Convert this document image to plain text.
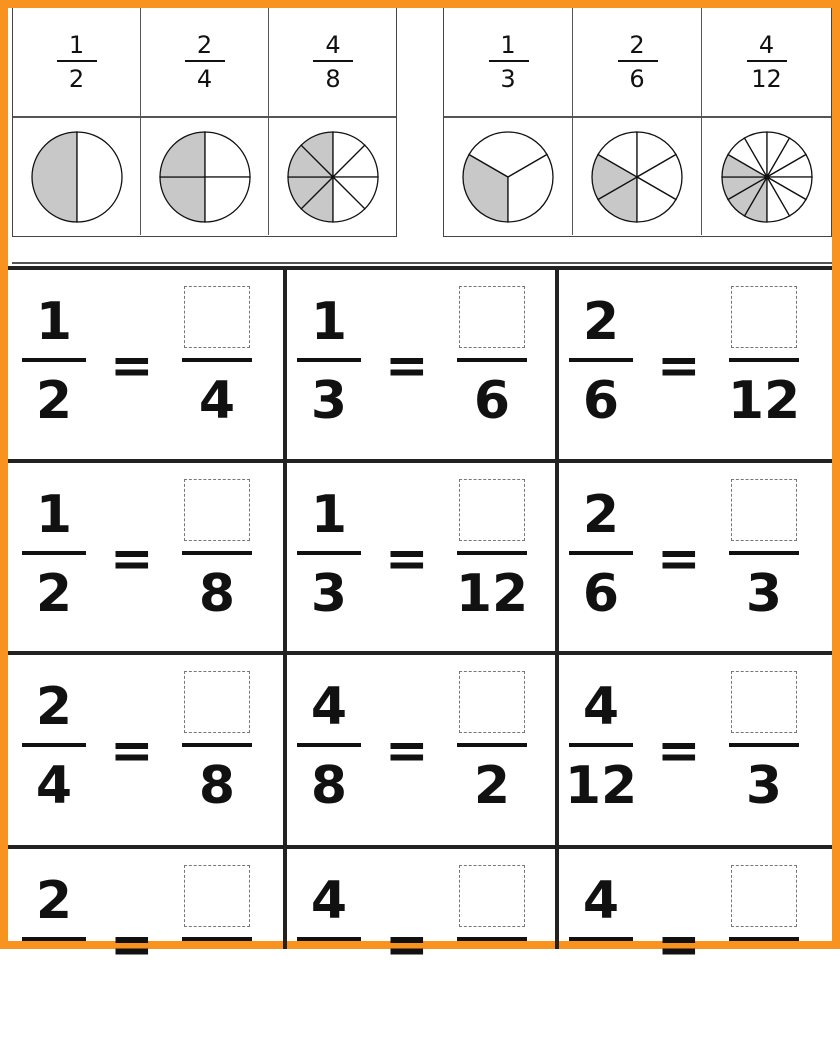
1
2
2
4
4
8
1
3
2
6
4
12
1
2
=
4
1
3
=
6
2
6
=
12
1
2
=
8
1
3
=
12
2
6
=
3
2
4
=
8
4
8
=
2
4
12
=
3
2
=
4
=
4
=
